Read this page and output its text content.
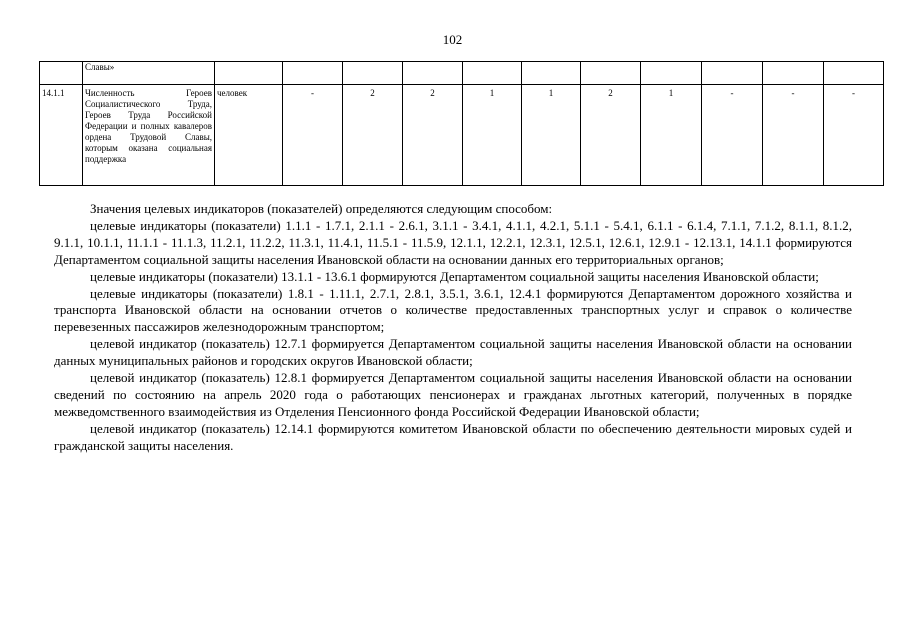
102
	Славы»											
14.1.1	Численность Героев Социалистического Труда, Героев Труда Российской Федерации и полных кавалеров ордена Трудовой Славы, которым оказана социальная поддержка	человек	-	2	2	1	1	2	1	-	-	-

Значения целевых индикаторов (показателей) определяются следующим способом:

целевые индикаторы (показатели) 1.1.1 - 1.7.1, 2.1.1 - 2.6.1, 3.1.1 - 3.4.1, 4.1.1, 4.2.1, 5.1.1 - 5.4.1, 6.1.1 - 6.1.4, 7.1.1, 7.1.2, 8.1.1, 8.1.2, 9.1.1, 10.1.1, 11.1.1 - 11.1.3, 11.2.1, 11.2.2, 11.3.1, 11.4.1, 11.5.1 - 11.5.9, 12.1.1, 12.2.1, 12.3.1, 12.5.1, 12.6.1, 12.9.1 - 12.13.1, 14.1.1 формируются Департаментом социальной защиты населения Ивановской области на основании данных его территориальных органов;

целевые индикаторы (показатели) 13.1.1 - 13.6.1 формируются Департаментом социальной защиты населения Ивановской области;

целевые индикаторы (показатели) 1.8.1 - 1.11.1, 2.7.1, 2.8.1, 3.5.1, 3.6.1, 12.4.1 формируются Департаментом дорожного хозяйства и транспорта Ивановской области на основании отчетов о количестве предоставленных транспортных услуг и справок о количестве перевезенных пассажиров железнодорожным транспортом;

целевой индикатор (показатель) 12.7.1 формируется Департаментом социальной защиты населения Ивановской области на основании данных муниципальных районов и городских округов Ивановской области;

целевой индикатор (показатель) 12.8.1 формируется Департаментом социальной защиты населения Ивановской области на основании сведений по состоянию на апрель 2020 года о работающих пенсионерах и гражданах льготных категорий, полученных в порядке межведомственного взаимодействия из Отделения Пенсионного фонда Российской Федерации Ивановской области;

целевой индикатор (показатель) 12.14.1 формируются комитетом Ивановской области по обеспечению деятельности мировых судей и гражданской защиты населения.
